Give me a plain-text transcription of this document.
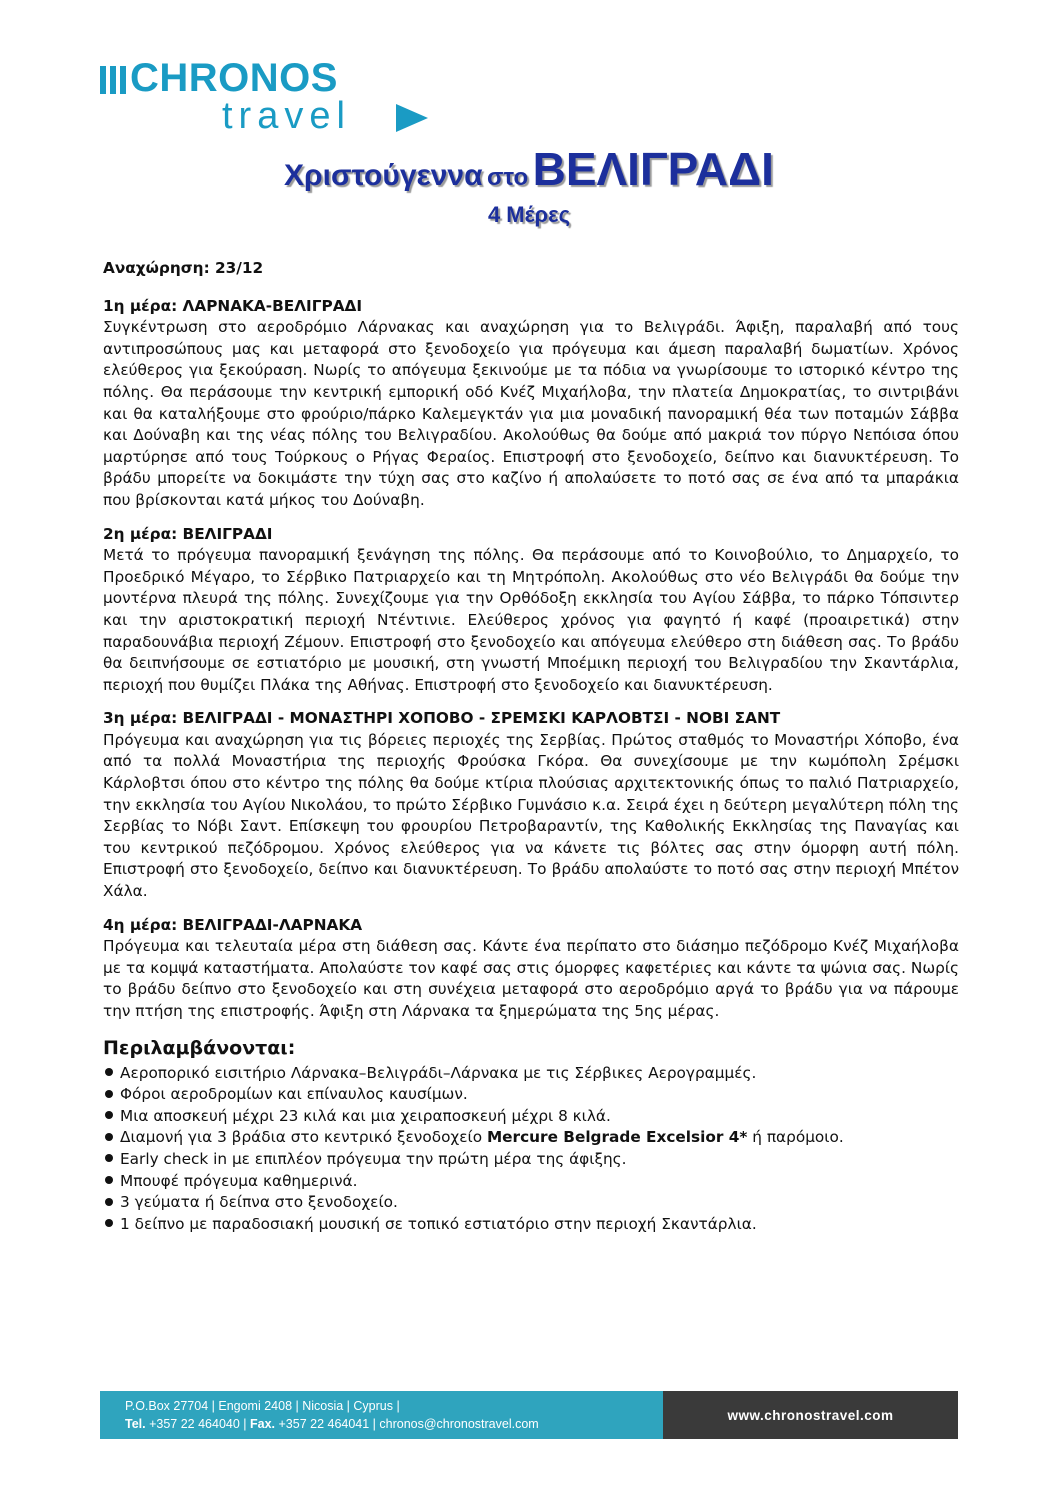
CHRONOS
travel
Χριστούγεννα στο ΒΕΛΙΓΡΑΔΙ
4 Μέρες

Αναχώρηση: 23/12

1η μέρα: ΛΑΡΝΑΚΑ-ΒΕΛΙΓΡΑΔΙ

Συγκέντρωση στο αεροδρόμιο Λάρνακας και αναχώρηση για το Βελιγράδι. Άφιξη, παραλαβή από τους αντιπροσώπους μας και μεταφορά στο ξενοδοχείο για πρόγευμα και άμεση παραλαβή δωματίων. Χρόνος ελεύθερος για ξεκούραση. Νωρίς το απόγευμα ξεκινούμε με τα πόδια να γνωρίσουμε το ιστορικό κέντρο της πόλης. Θα περάσουμε την κεντρική εμπορική οδό Κνέζ Μιχαήλοβα, την πλατεία Δημοκρατίας, το σιντριβάνι και θα καταλήξουμε στο φρούριο/πάρκο Καλεμεγκτάν για μια μοναδική πανοραμική θέα των ποταμών Σάββα και Δούναβη και της νέας πόλης του Βελιγραδίου. Ακολούθως θα δούμε από μακριά τον πύργο Νεπόισα όπου μαρτύρησε από τους Τούρκους ο Ρήγας Φεραίος. Επιστροφή στο ξενοδοχείο, δείπνο και διανυκτέρευση. Το βράδυ μπορείτε να δοκιμάστε την τύχη σας στο καζίνο ή απολαύσετε το ποτό σας σε ένα από τα μπαράκια που βρίσκονται κατά μήκος του Δούναβη.

2η μέρα: ΒΕΛΙΓΡΑΔΙ

Μετά το πρόγευμα πανοραμική ξενάγηση της πόλης. Θα περάσουμε από το Κοινοβούλιο, το Δημαρχείο, το Προεδρικό Μέγαρο, το Σέρβικο Πατριαρχείο και τη Μητρόπολη. Ακολούθως στο νέο Βελιγράδι θα δούμε την μοντέρνα πλευρά της πόλης. Συνεχίζουμε για την Ορθόδοξη εκκλησία του Αγίου Σάββα, το πάρκο Τόπσιντερ και την αριστοκρατική περιοχή Ντέντινιε. Ελεύθερος χρόνος για φαγητό ή καφέ (προαιρετικά) στην παραδουνάβια περιοχή Ζέμουν. Επιστροφή στο ξενοδοχείο και απόγευμα ελεύθερο στη διάθεση σας. Το βράδυ θα δειπνήσουμε σε εστιατόριο με μουσική, στη γνωστή Μποέμικη περιοχή του Βελιγραδίου την Σκαντάρλια, περιοχή που θυμίζει Πλάκα της Αθήνας. Επιστροφή στο ξενοδοχείο και διανυκτέρευση.

3η μέρα: ΒΕΛΙΓΡΑΔΙ - ΜΟΝΑΣΤΗΡΙ ΧΟΠΟΒΟ - ΣΡΕΜΣΚΙ ΚΑΡΛΟΒΤΣΙ - ΝΟΒΙ ΣΑΝΤ

Πρόγευμα και αναχώρηση για τις βόρειες περιοχές της Σερβίας. Πρώτος σταθμός το Μοναστήρι Χόποβο, ένα από τα πολλά Μοναστήρια της περιοχής Φρούσκα Γκόρα. Θα συνεχίσουμε με την κωμόπολη Σρέμσκι Κάρλοβτσι όπου στο κέντρο της πόλης θα δούμε κτίρια πλούσιας αρχιτεκτονικής όπως το παλιό Πατριαρχείο, την εκκλησία του Αγίου Νικολάου, το πρώτο Σέρβικο Γυμνάσιο κ.α. Σειρά έχει η δεύτερη μεγαλύτερη πόλη της Σερβίας το Νόβι Σαντ. Επίσκεψη του φρουρίου Πετροβαραντίν, της Καθολικής Εκκλησίας της Παναγίας και του κεντρικού πεζόδρομου. Χρόνος ελεύθερος για να κάνετε τις βόλτες σας στην όμορφη αυτή πόλη. Επιστροφή στο ξενοδοχείο, δείπνο και διανυκτέρευση. Το βράδυ απολαύστε το ποτό σας στην περιοχή Μπέτον Χάλα.

4η μέρα: ΒΕΛΙΓΡΑΔΙ-ΛΑΡΝΑΚΑ

Πρόγευμα και τελευταία μέρα στη διάθεση σας. Κάντε ένα περίπατο στο διάσημο πεζόδρομο Κνέζ Μιχαήλοβα με τα κομψά καταστήματα. Απολαύστε τον καφέ σας στις όμορφες καφετέριες και κάντε τα ψώνια σας. Νωρίς το βράδυ δείπνο στο ξενοδοχείο και στη συνέχεια μεταφορά στο αεροδρόμιο αργά το βράδυ για να πάρουμε την πτήση της επιστροφής. Άφιξη στη Λάρνακα τα ξημερώματα της 5ης μέρας.

Περιλαμβάνονται:
Αεροπορικό εισιτήριο Λάρνακα–Βελιγράδι–Λάρνακα με τις Σέρβικες Αερογραμμές.
Φόροι αεροδρομίων και επίναυλος καυσίμων.
Μια αποσκευή μέχρι 23 κιλά και μια χειραποσκευή μέχρι 8 κιλά.
Διαμονή για 3 βράδια στο κεντρικό ξενοδοχείο Mercure Belgrade Excelsior 4* ή παρόμοιο.
Early check in με επιπλέον πρόγευμα την πρώτη μέρα της άφιξης.
Μπουφέ πρόγευμα καθημερινά.
3 γεύματα ή δείπνα στο ξενοδοχείο.
1 δείπνο με παραδοσιακή μουσική σε τοπικό εστιατόριο στην περιοχή Σκαντάρλια.
P.O.Box 27704 | Engomi 2408 | Nicosia | Cyprus |
Tel. +357 22 464040 | Fax. +357 22 464041 | chronos@chronostravel.com
www.chronostravel.com
